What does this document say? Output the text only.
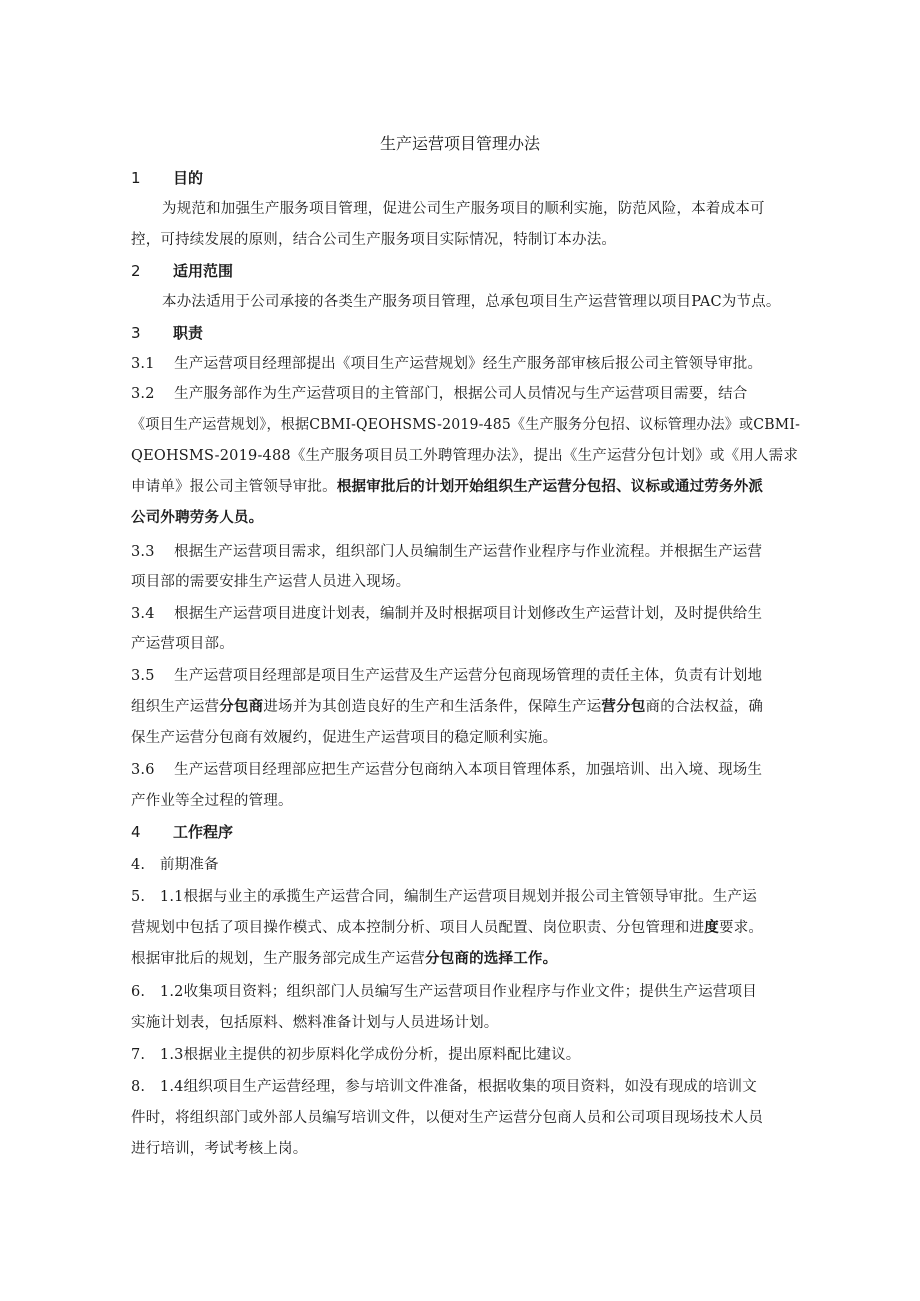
生产运营项目管理办法
1 目的
为规范和加强生产服务项目管理，促进公司生产服务项目的顺利实施，防范风险，本着成本可
控，可持续发展的原则，结合公司生产服务项目实际情况，特制订本办法。
2 适用范围
本办法适用于公司承接的各类生产服务项目管理，总承包项目生产运营管理以项目PAC为节点。
3 职责
3.1　 生产运营项目经理部提出《项目生产运营规划》经生产服务部审核后报公司主管领导审批。
3.2　 生产服务部作为生产运营项目的主管部门，根据公司人员情况与生产运营项目需要，结合
《项目生产运营规划》，根据CBMI-QEOHSMS-2019-485《生产服务分包招、议标管理办法》或CBMI-
QEOHSMS-2019-488《生产服务项目员工外聘管理办法》，提出《生产运营分包计划》或《用人需求
申请单》报公司主管领导审批。根据审批后的计划开始组织生产运营分包招、议标或通过劳务外派
公司外聘劳务人员。
3.3　 根据生产运营项目需求，组织部门人员编制生产运营作业程序与作业流程。并根据生产运营
项目部的需要安排生产运营人员进入现场。
3.4　 根据生产运营项目进度计划表，编制并及时根据项目计划修改生产运营计划，及时提供给生
产运营项目部。
3.5　 生产运营项目经理部是项目生产运营及生产运营分包商现场管理的责任主体，负责有计划地
组织生产运营分包商进场并为其创造良好的生产和生活条件，保障生产运营分包商的合法权益，确
保生产运营分包商有效履约，促进生产运营项目的稳定顺利实施。
3.6　 生产运营项目经理部应把生产运营分包商纳入本项目管理体系，加强培训、出入境、现场生
产作业等全过程的管理。
4 工作程序
4.　前期准备
5.　1.1根据与业主的承揽生产运营合同，编制生产运营项目规划并报公司主管领导审批。生产运
营规划中包括了项目操作模式、成本控制分析、项目人员配置、岗位职责、分包管理和进度要求。
根据审批后的规划，生产服务部完成生产运营分包商的选择工作。
6.　1.2收集项目资料；组织部门人员编写生产运营项目作业程序与作业文件；提供生产运营项目
实施计划表，包括原料、燃料准备计划与人员进场计划。
7.　1.3根据业主提供的初步原料化学成份分析，提出原料配比建议。
8.　1.4组织项目生产运营经理，参与培训文件准备，根据收集的项目资料，如没有现成的培训文
件时，将组织部门或外部人员编写培训文件，以便对生产运营分包商人员和公司项目现场技术人员
进行培训，考试考核上岗。
